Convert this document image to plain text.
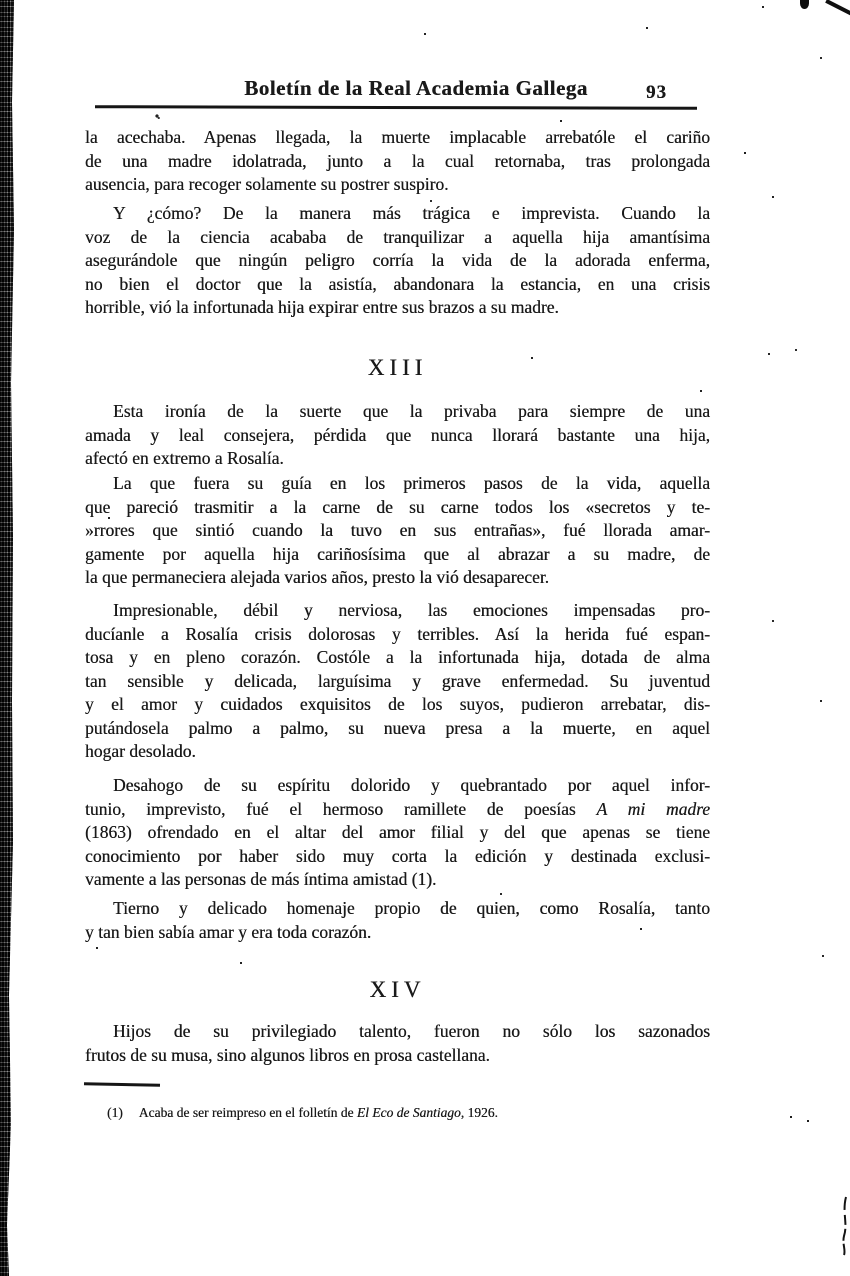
Boletín de la Real Academia Gallega	93
la acechaba. Apenas llegada, la muerte implacable arrebatóle el cariño
de una madre idolatrada, junto a la cual retornaba, tras prolongada
ausencia, para recoger solamente su postrer suspiro.
Y ¿cómo? De la manera más trágica e imprevista. Cuando la
voz de la ciencia acababa de tranquilizar a aquella hija amantísima
asegurándole que ningún peligro corría la vida de la adorada enferma,
no bien el doctor que la asistía, abandonara la estancia, en una crisis
horrible, vió la infortunada hija expirar entre sus brazos a su madre.
XIII
Esta ironía de la suerte que la privaba para siempre de una
amada y leal consejera, pérdida que nunca llorará bastante una hija,
afectó en extremo a Rosalía.
La que fuera su guía en los primeros pasos de la vida, aquella
que pareció trasmitir a la carne de su carne todos los «secretos y te-
»rrores que sintió cuando la tuvo en sus entrañas», fué llorada amar-
gamente por aquella hija cariñosísima que al abrazar a su madre, de
la que permaneciera alejada varios años, presto la vió desaparecer.
Impresionable, débil y nerviosa, las emociones impensadas pro-
ducíanle a Rosalía crisis dolorosas y terribles. Así la herida fué espan-
tosa y en pleno corazón. Costóle a la infortunada hija, dotada de alma
tan sensible y delicada, larguísima y grave enfermedad. Su juventud
y el amor y cuidados exquisitos de los suyos, pudieron arrebatar, dis-
putándosela palmo a palmo, su nueva presa a la muerte, en aquel
hogar desolado.
Desahogo de su espíritu dolorido y quebrantado por aquel infor-
tunio, imprevisto, fué el hermoso ramillete de poesías A mi madre
(1863) ofrendado en el altar del amor filial y del que apenas se tiene
conocimiento por haber sido muy corta la edición y destinada exclusi-
vamente a las personas de más íntima amistad (1).
Tierno y delicado homenaje propio de quien, como Rosalía, tanto
y tan bien sabía amar y era toda corazón.
XIV
Hijos de su privilegiado talento, fueron no sólo los sazonados
frutos de su musa, sino algunos libros en prosa castellana.
(1) Acaba de ser reimpreso en el folletín de El Eco de Santiago, 1926.
